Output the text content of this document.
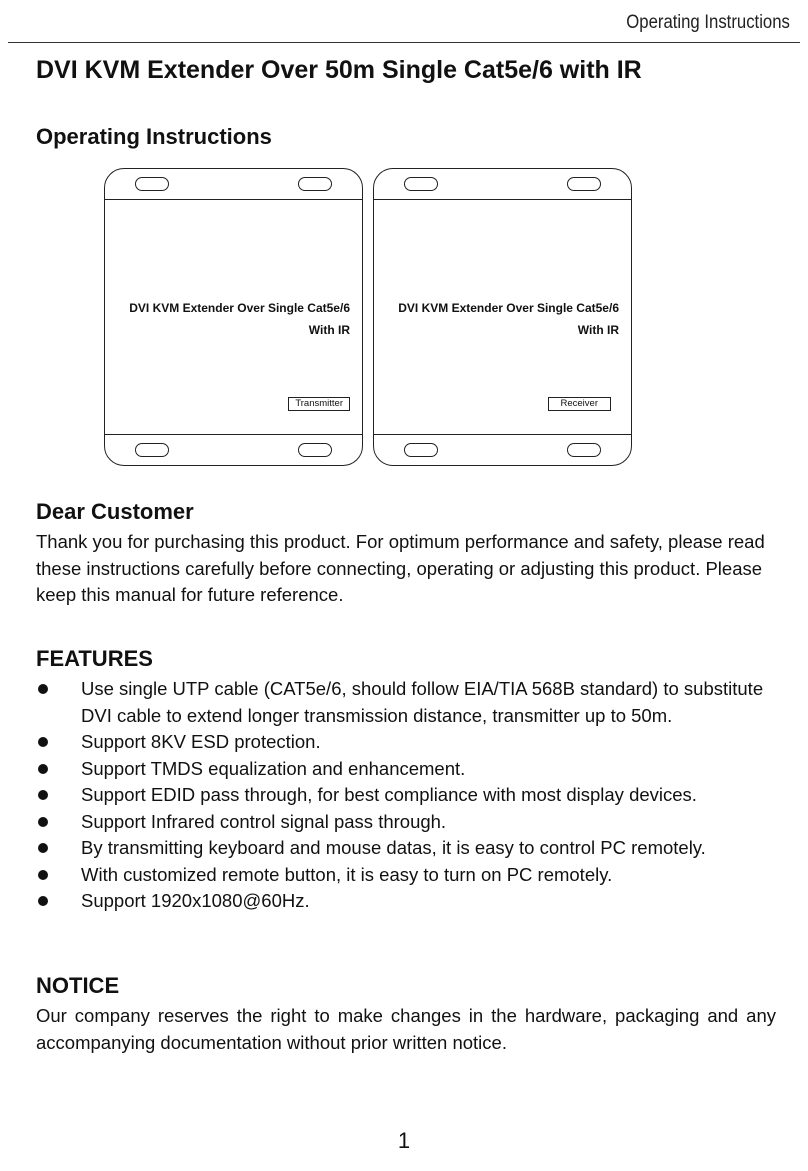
Operating Instructions
DVI KVM Extender Over 50m Single Cat5e/6 with IR
Operating Instructions
DVI KVM Extender Over Single Cat5e/6
With IR
Transmitter
DVI KVM Extender Over Single Cat5e/6
With IR
Receiver
Dear Customer

Thank you for purchasing this product. For optimum performance and safety, please read these instructions carefully before connecting, operating or adjusting this product. Please keep this manual for future reference.

FEATURES
Use single UTP cable (CAT5e/6, should follow EIA/TIA 568B standard) to substitute DVI cable to extend longer transmission distance, transmitter up to 50m.
Support 8KV ESD protection.
Support TMDS equalization and enhancement.
Support EDID pass through, for best compliance with most display devices.
Support Infrared control signal pass through.
By transmitting keyboard and mouse datas, it is easy to control PC remotely.
With customized remote button, it is easy to turn on PC remotely.
Support 1920x1080@60Hz.
NOTICE

Our company reserves the right to make changes in the hardware, packaging and any accompanying documentation without prior written notice.

1
